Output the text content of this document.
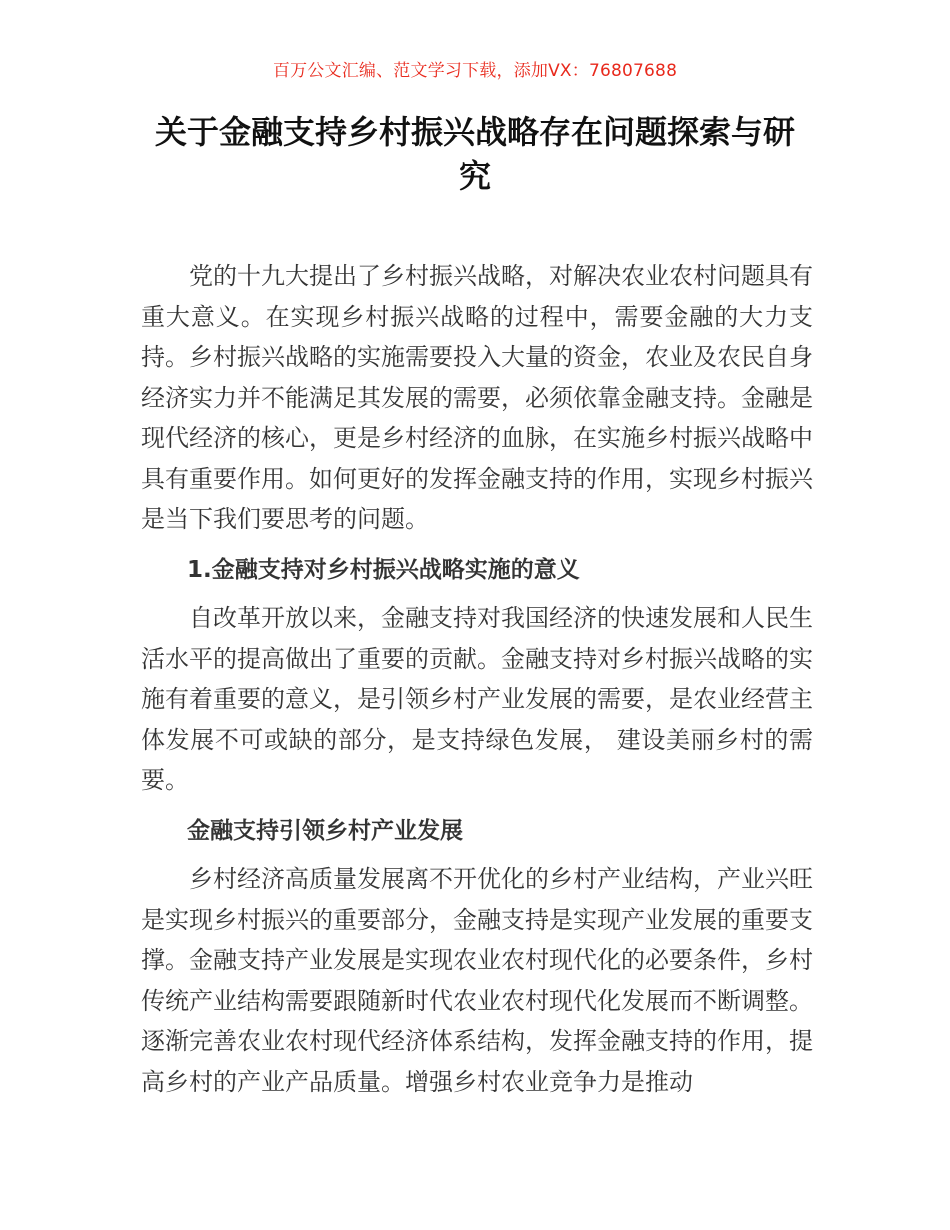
百万公文汇编、范文学习下载，添加VX：76807688
关于金融支持乡村振兴战略存在问题探索与研究

党的十九大提出了乡村振兴战略，对解决农业农村问题具有重大意义。在实现乡村振兴战略的过程中，需要金融的大力支持。乡村振兴战略的实施需要投入大量的资金，农业及农民自身经济实力并不能满足其发展的需要，必须依靠金融支持。金融是现代经济的核心，更是乡村经济的血脉，在实施乡村振兴战略中具有重要作用。如何更好的发挥金融支持的作用，实现乡村振兴是当下我们要思考的问题。

1.金融支持对乡村振兴战略实施的意义

自改革开放以来，金融支持对我国经济的快速发展和人民生活水平的提高做出了重要的贡献。金融支持对乡村振兴战略的实施有着重要的意义，是引领乡村产业发展的需要，是农业经营主体发展不可或缺的部分，是支持绿色发展， 建设美丽乡村的需要。

金融支持引领乡村产业发展

乡村经济高质量发展离不开优化的乡村产业结构，产业兴旺是实现乡村振兴的重要部分，金融支持是实现产业发展的重要支撑。金融支持产业发展是实现农业农村现代化的必要条件，乡村传统产业结构需要跟随新时代农业农村现代化发展而不断调整。逐渐完善农业农村现代经济体系结构，发挥金融支持的作用，提高乡村的产业产品质量。增强乡村农业竞争力是推动
